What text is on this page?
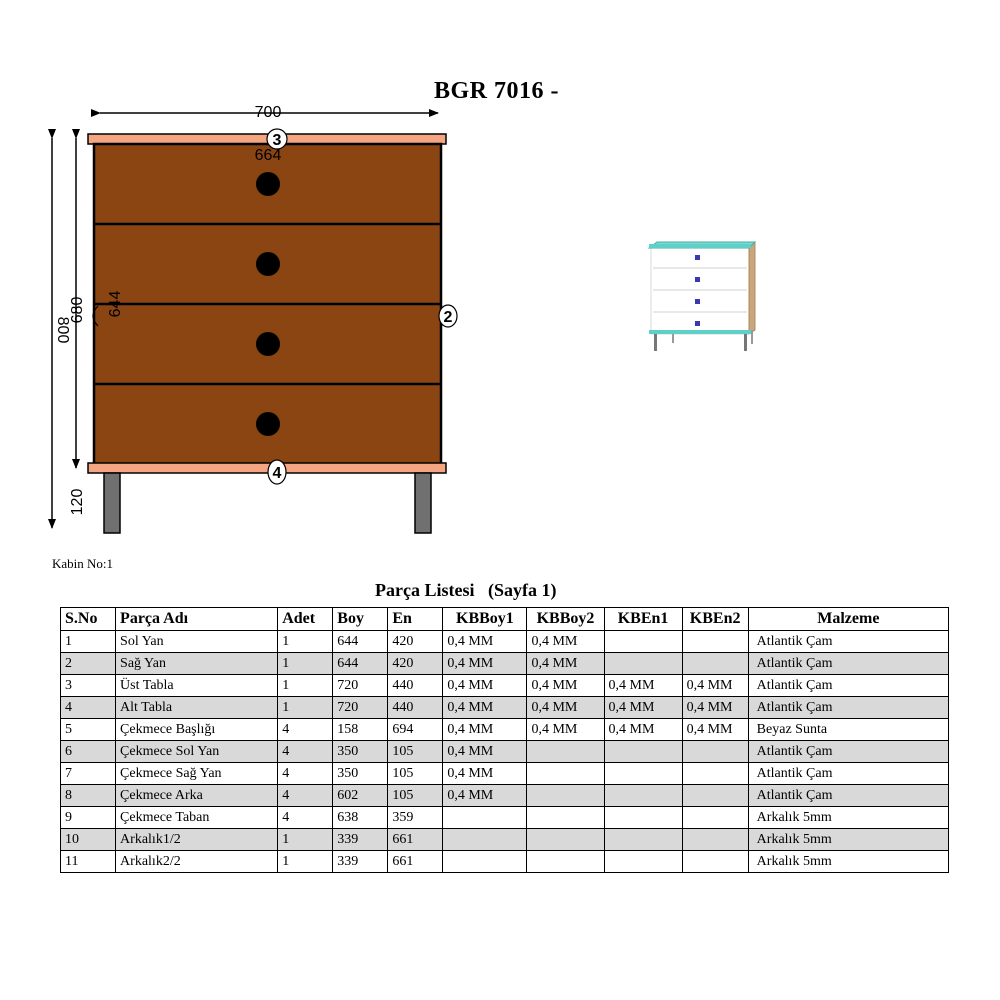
BGR 7016 -
700
800
680
120
3
664
644
2
4
Kabin No:1
Parça Listesi   (Sayfa 1)
S.No	Parça Adı	Adet	Boy	En	KBBoy1	KBBoy2	KBEn1	KBEn2	Malzeme
1	Sol Yan	1	644	420	0,4 MM	0,4 MM			Atlantik Çam
2	Sağ Yan	1	644	420	0,4 MM	0,4 MM			Atlantik Çam
3	Üst Tabla	1	720	440	0,4 MM	0,4 MM	0,4 MM	0,4 MM	Atlantik Çam
4	Alt Tabla	1	720	440	0,4 MM	0,4 MM	0,4 MM	0,4 MM	Atlantik Çam
5	Çekmece Başlığı	4	158	694	0,4 MM	0,4 MM	0,4 MM	0,4 MM	Beyaz Sunta
6	Çekmece Sol Yan	4	350	105	0,4 MM				Atlantik Çam
7	Çekmece Sağ Yan	4	350	105	0,4 MM				Atlantik Çam
8	Çekmece Arka	4	602	105	0,4 MM				Atlantik Çam
9	Çekmece Taban	4	638	359					Arkalık 5mm
10	Arkalık1/2	1	339	661					Arkalık 5mm
11	Arkalık2/2	1	339	661					Arkalık 5mm
